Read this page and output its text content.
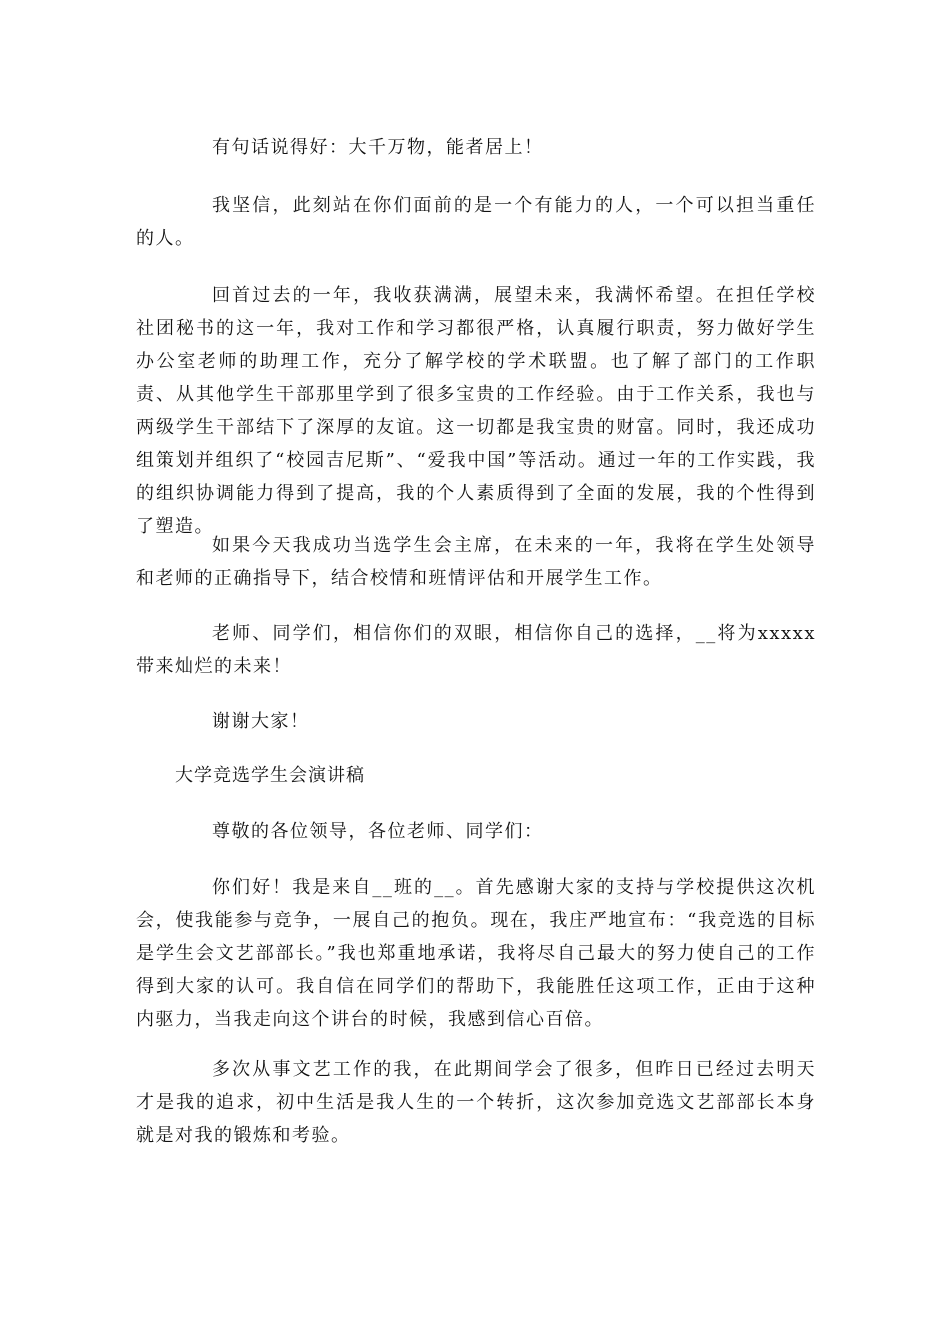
有句话说得好：大千万物，能者居上！

我坚信，此刻站在你们面前的是一个有能力的人，一个可以担当重任的人。

回首过去的一年，我收获满满，展望未来，我满怀希望。在担任学校社团秘书的这一年，我对工作和学习都很严格，认真履行职责，努力做好学生办公室老师的助理工作，充分了解学校的学术联盟。也了解了部门的工作职责、从其他学生干部那里学到了很多宝贵的工作经验。由于工作关系，我也与两级学生干部结下了深厚的友谊。这一切都是我宝贵的财富。同时，我还成功组策划并组织了“校园吉尼斯”、“爱我中国”等活动。通过一年的工作实践，我的组织协调能力得到了提高，我的个人素质得到了全面的发展，我的个性得到了塑造。

如果今天我成功当选学生会主席，在未来的一年，我将在学生处领导和老师的正确指导下，结合校情和班情评估和开展学生工作。

老师、同学们，相信你们的双眼，相信你自己的选择，__将为xxxxx带来灿烂的未来！

谢谢大家！

大学竞选学生会演讲稿

尊敬的各位领导，各位老师、同学们：

你们好！我是来自__班的__。首先感谢大家的支持与学校提供这次机会，使我能参与竞争，一展自己的抱负。现在，我庄严地宣布：“我竞选的目标是学生会文艺部部长。”我也郑重地承诺，我将尽自己最大的努力使自己的工作得到大家的认可。我自信在同学们的帮助下，我能胜任这项工作，正由于这种内驱力，当我走向这个讲台的时候，我感到信心百倍。

多次从事文艺工作的我，在此期间学会了很多，但昨日已经过去明天才是我的追求，初中生活是我人生的一个转折，这次参加竞选文艺部部长本身就是对我的锻炼和考验。
